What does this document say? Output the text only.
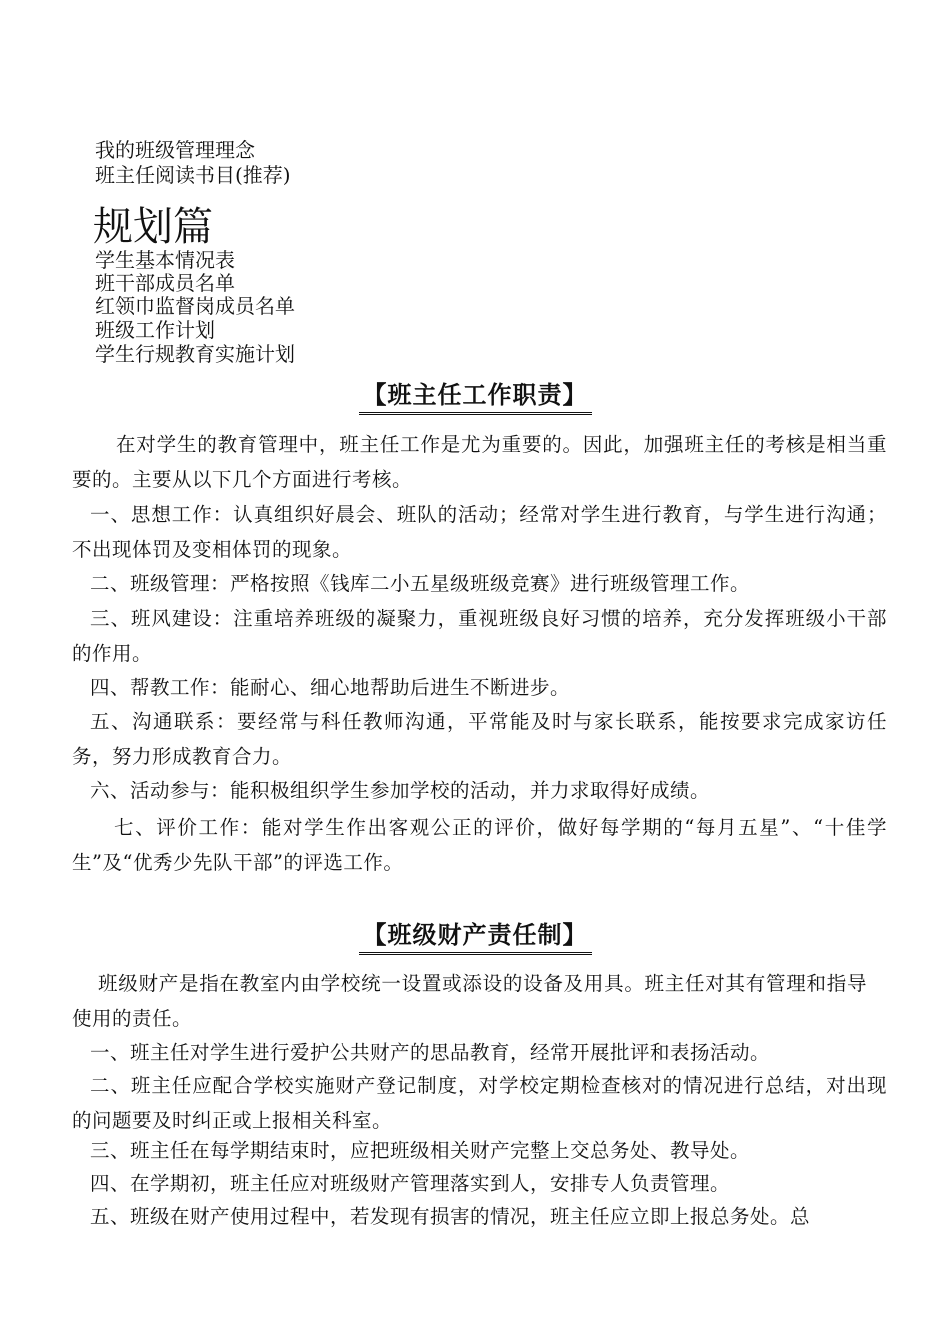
我的班级管理理念
班主任阅读书目(推荐)
规划篇
学生基本情况表
班干部成员名单
红领巾监督岗成员名单
班级工作计划
学生行规教育实施计划
【班主任工作职责】

在对学生的教育管理中，班主任工作是尤为重要的。因此，加强班主任的考核是相当重要的。主要从以下几个方面进行考核。

一、思想工作：认真组织好晨会、班队的活动；经常对学生进行教育，与学生进行沟通；不出现体罚及变相体罚的现象。

二、班级管理：严格按照《钱库二小五星级班级竞赛》进行班级管理工作。

三、班风建设：注重培养班级的凝聚力，重视班级良好习惯的培养，充分发挥班级小干部的作用。

四、帮教工作：能耐心、细心地帮助后进生不断进步。

五、沟通联系：要经常与科任教师沟通，平常能及时与家长联系，能按要求完成家访任务，努力形成教育合力。

六、活动参与：能积极组织学生参加学校的活动，并力求取得好成绩。

七、评价工作：能对学生作出客观公正的评价，做好每学期的“每月五星”、“十佳学生”及“优秀少先队干部”的评选工作。

【班级财产责任制】

班级财产是指在教室内由学校统一设置或添设的设备及用具。班主任对其有管理和指导使用的责任。

一、班主任对学生进行爱护公共财产的思品教育，经常开展批评和表扬活动。

二、班主任应配合学校实施财产登记制度，对学校定期检查核对的情况进行总结，对出现的问题要及时纠正或上报相关科室。

三、班主任在每学期结束时，应把班级相关财产完整上交总务处、教导处。

四、在学期初，班主任应对班级财产管理落实到人，安排专人负责管理。

五、班级在财产使用过程中，若发现有损害的情况，班主任应立即上报总务处。总
